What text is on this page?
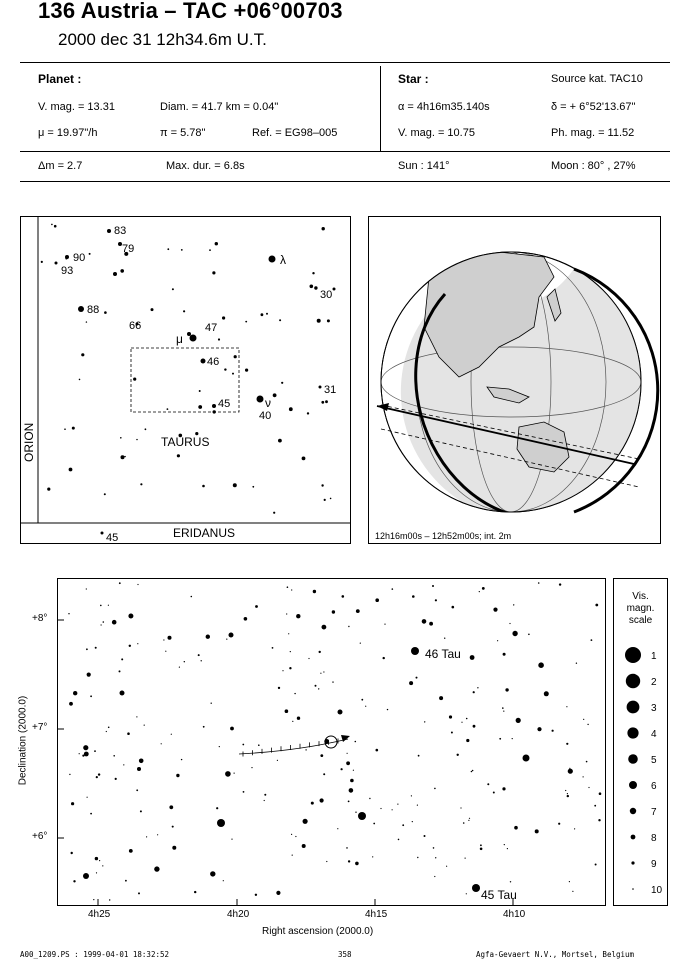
136 Austria – TAC +06°00703
2000 dec 31 12h34.6m U.T.
Planet :
V. mag. = 13.31	Diam. = 41.7 km = 0.04"
μ = 19.97"/h	π = 5.78"	Ref. = EG98–005
Star :	Source kat. TAC10
α = 4h16m35.140s	δ = + 6°52'13.67"
V. mag. = 10.75	Ph. mag. = 11.52
Δm = 2.7	Max. dur. = 6.8s	Sun : 141°	Moon : 80° , 27%
TAURUS
ORION
ERIDANUS
83
79
90
93
88
66	47
46
45
40
31
30
λ
ν
μ
45	12h16m00s – 12h52m00s; int. 2m
46 Tau
45 Tau
4h25	4h20	4h15	4h10
+8°
+7°
+6°
Right ascension (2000.0)
Declination (2000.0)
Vis.
magn.
scale
1
2
3
4
5
6
7
8
9
10
A00_1209.PS : 1999-04-01 18:32:52	358	Agfa-Gevaert N.V., Mortsel, Belgium
